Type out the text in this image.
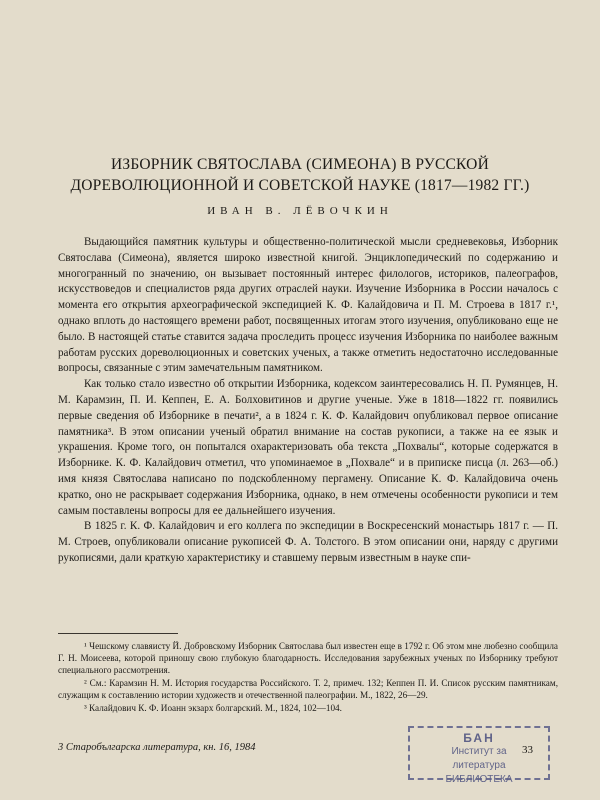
ИЗБОРНИК СВЯТОСЛАВА (СИМЕОНА) В РУССКОЙ
ДОРЕВОЛЮЦИОННОЙ И СОВЕТСКОЙ НАУКЕ (1817—1982 ГГ.)
ИВАН В. ЛЁВОЧКИН

Выдающийся памятник культуры и общественно-политической мысли средневековья, Изборник Святослава (Симеона), является широко известной книгой. Энциклопедический по содержанию и многогранный по значению, он вызывает постоянный интерес филологов, историков, палеографов, искусствоведов и специалистов ряда других отраслей науки. Изучение Изборника в России началось с момента его открытия археографической экспедицией К. Ф. Калайдовича и П. М. Строева в 1817 г.¹, однако вплоть до настоящего времени работ, посвященных итогам этого изучения, опубликовано еще не было. В настоящей статье ставится задача проследить процесс изучения Изборника по наиболее важным работам русских дореволюционных и советских ученых, а также отметить недостаточно исследованные вопросы, связанные с этим замечательным памятником.

Как только стало известно об открытии Изборника, кодексом заинтересовались Н. П. Румянцев, Н. М. Карамзин, П. И. Кеппен, Е. А. Болховитинов и другие ученые. Уже в 1818—1822 гг. появились первые сведения об Изборнике в печати², а в 1824 г. К. Ф. Калайдович опубликовал первое описание памятника³. В этом описании ученый обратил внимание на состав рукописи, а также на ее язык и украшения. Кроме того, он попытался охарактеризовать оба текста „Похвалы“, которые содержатся в Изборнике. К. Ф. Калайдович отметил, что упоминаемое в „Похвале“ и в приписке писца (л. 263—об.) имя князя Святослава написано по подскобленному пергамену. Описание К. Ф. Калайдовича очень кратко, оно не раскрывает содержания Изборника, однако, в нем отмечены особенности рукописи и тем самым поставлены вопросы для ее дальнейшего изучения.

В 1825 г. К. Ф. Калайдович и его коллега по экспедиции в Воскресенский монастырь 1817 г. — П. М. Строев, опубликовали описание рукописей Ф. А. Толстого. В этом описании они, наряду с другими рукописями, дали краткую характеристику и ставшему первым известным в науке спи-

¹ Чешскому славяисту Й. Добровскому Изборник Святослава был известен еще в 1792 г. Об этом мне любезно сообщила Г. Н. Моисеева, которой приношу свою глубокую благодарность. Исследования зарубежных ученых по Изборнику требуют специального рассмотрения.

² См.: Карамзин Н. М. История государства Российского. Т. 2, примеч. 132; Кеппен П. И. Список русским памятникам, служащим к составлению истории художеств и отечественной палеографии. М., 1822, 26—29.

³ Калайдович К. Ф. Иоанн экзарх болгарский. М., 1824, 102—104.

3 Старобългарска литература, кн. 16, 1984
БАН
Институт за
литература
БИБЛИОТЕКА
33
